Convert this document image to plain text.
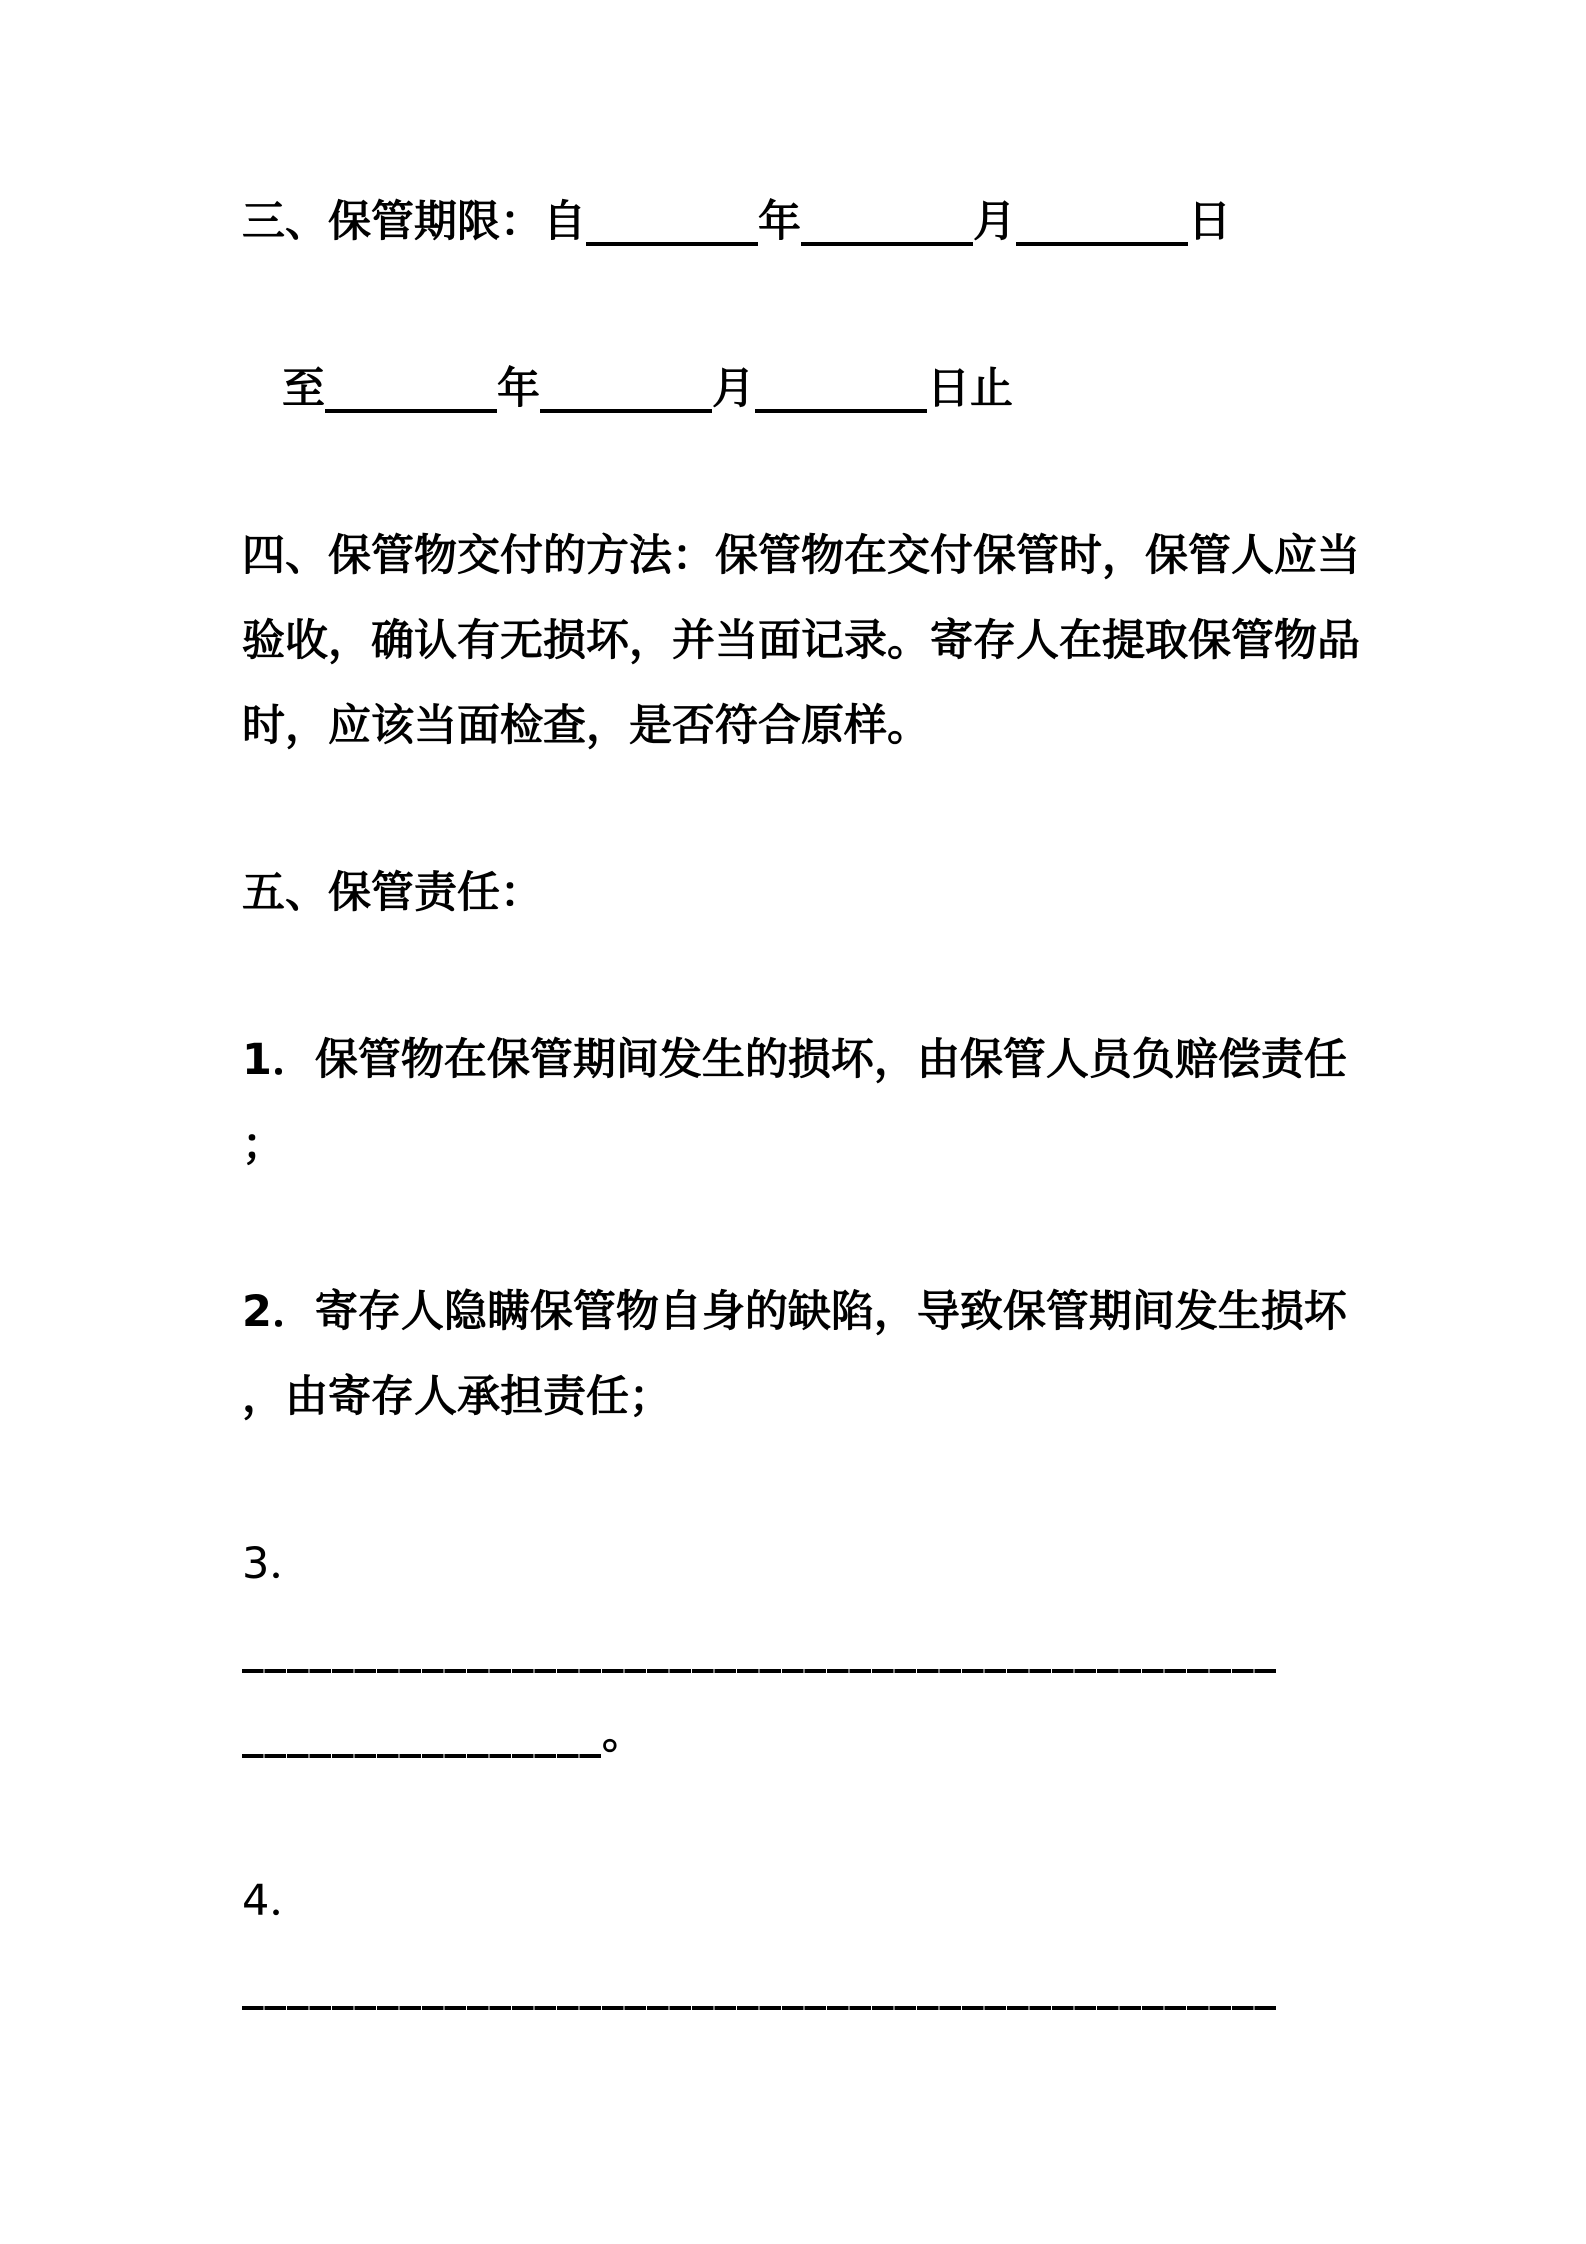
三、保管期限：自________年________月________日
至________年________月________日止
四、保管物交付的方法：保管物在交付保管时，保管人应当
验收，确认有无损坏，并当面记录。寄存人在提取保管物品
时，应该当面检查，是否符合原样。
五、保管责任：
1．保管物在保管期间发生的损坏，由保管人员负赔偿责任
；
2．寄存人隐瞒保管物自身的缺陷，导致保管期间发生损坏
，由寄存人承担责任；
3．
______________________________________________
________________。
4．
______________________________________________
